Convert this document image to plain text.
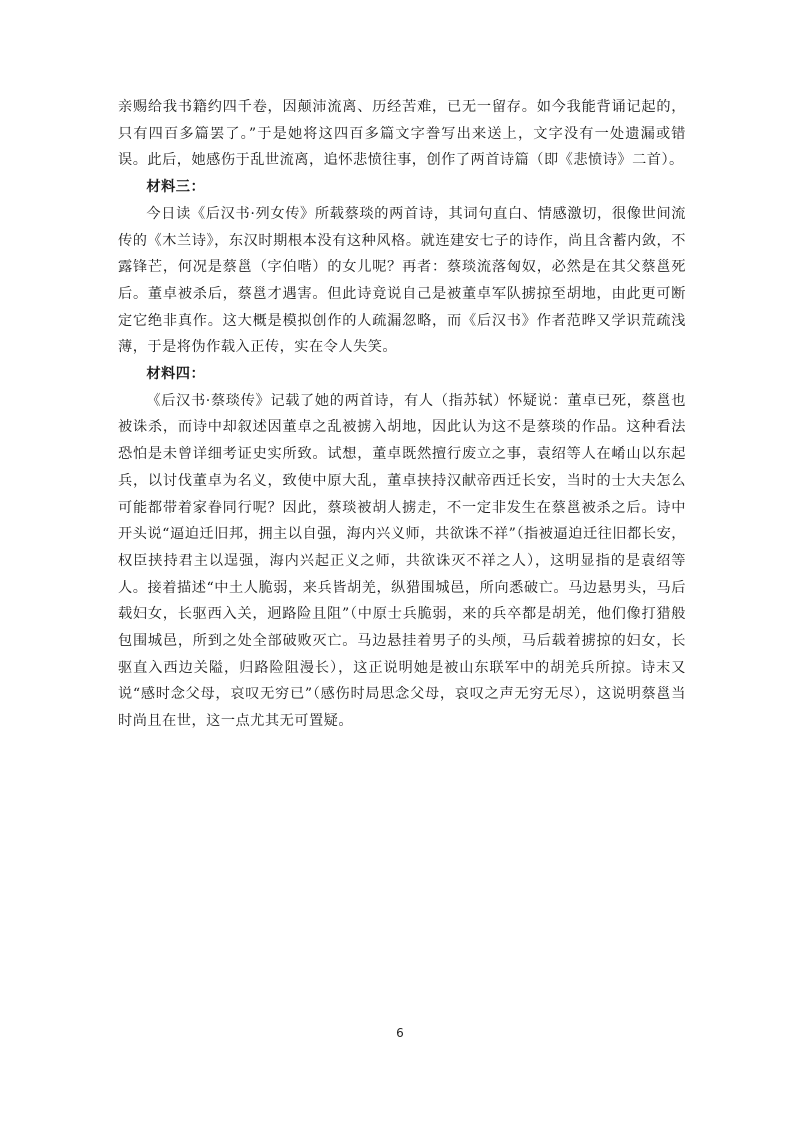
亲赐给我书籍约四千卷，因颠沛流离、历经苦难，已无一留存。如今我能背诵记起的，只有四百多篇罢了。”于是她将这四百多篇文字誊写出来送上，文字没有一处遗漏或错误。此后，她感伤于乱世流离，追怀悲愤往事，创作了两首诗篇（即《悲愤诗》二首）。

材料三：

今日读《后汉书·列女传》所载蔡琰的两首诗，其词句直白、情感激切，很像世间流传的《木兰诗》，东汉时期根本没有这种风格。就连建安七子的诗作，尚且含蓄内敛，不露锋芒，何况是蔡邕（字伯喈）的女儿呢？再者：蔡琰流落匈奴，必然是在其父蔡邕死后。董卓被杀后，蔡邕才遇害。但此诗竟说自己是被董卓军队掳掠至胡地，由此更可断定它绝非真作。这大概是模拟创作的人疏漏忽略，而《后汉书》作者范晔又学识荒疏浅薄，于是将伪作载入正传，实在令人失笑。

材料四：

《后汉书·蔡琰传》记载了她的两首诗，有人（指苏轼）怀疑说：董卓已死，蔡邕也被诛杀，而诗中却叙述因董卓之乱被掳入胡地，因此认为这不是蔡琰的作品。这种看法恐怕是未曾详细考证史实所致。试想，董卓既然擅行废立之事，袁绍等人在崤山以东起兵，以讨伐董卓为名义，致使中原大乱，董卓挟持汉献帝西迁长安，当时的士大夫怎么可能都带着家眷同行呢？因此，蔡琰被胡人掳走，不一定非发生在蔡邕被杀之后。诗中开头说“逼迫迁旧邦，拥主以自强，海内兴义师，共欲诛不祥”（指被逼迫迁往旧都长安，权臣挟持君主以逞强，海内兴起正义之师，共欲诛灭不祥之人），这明显指的是袁绍等人。接着描述“中土人脆弱，来兵皆胡羌，纵猎围城邑，所向悉破亡。马边悬男头，马后载妇女，长驱西入关，迥路险且阻”（中原士兵脆弱，来的兵卒都是胡羌，他们像打猎般包围城邑，所到之处全部破败灭亡。马边悬挂着男子的头颅，马后载着掳掠的妇女，长驱直入西边关隘，归路险阻漫长），这正说明她是被山东联军中的胡羌兵所掠。诗末又说“感时念父母，哀叹无穷已”（感伤时局思念父母，哀叹之声无穷无尽），这说明蔡邕当时尚且在世，这一点尤其无可置疑。

6
